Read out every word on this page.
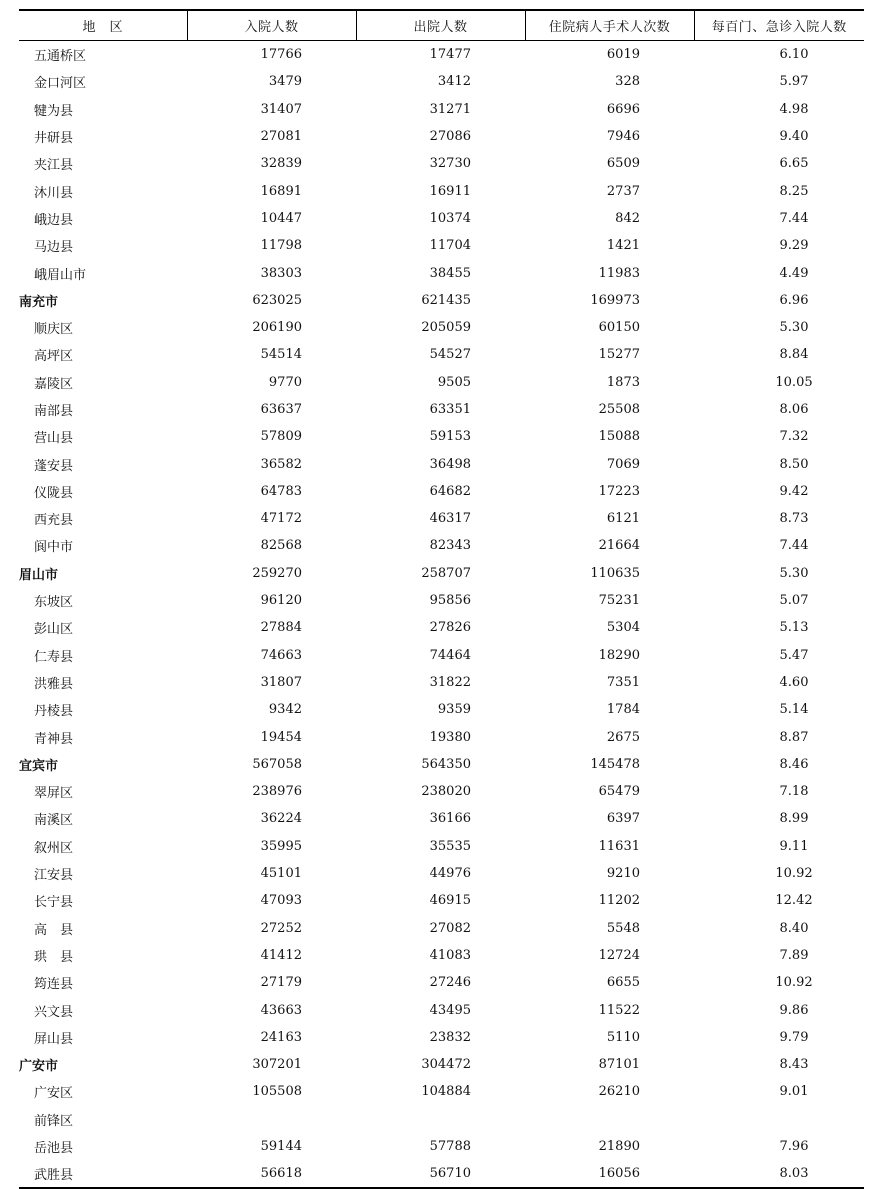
地　区	入院人数	出院人数	住院病人手术人次数	每百门、急诊入院人数
五通桥区	17766	17477	6019	6.10
金口河区	3479	3412	328	5.97
犍为县	31407	31271	6696	4.98
井研县	27081	27086	7946	9.40
夹江县	32839	32730	6509	6.65
沐川县	16891	16911	2737	8.25
峨边县	10447	10374	842	7.44
马边县	11798	11704	1421	9.29
峨眉山市	38303	38455	11983	4.49
南充市	623025	621435	169973	6.96
顺庆区	206190	205059	60150	5.30
高坪区	54514	54527	15277	8.84
嘉陵区	9770	9505	1873	10.05
南部县	63637	63351	25508	8.06
营山县	57809	59153	15088	7.32
蓬安县	36582	36498	7069	8.50
仪陇县	64783	64682	17223	9.42
西充县	47172	46317	6121	8.73
阆中市	82568	82343	21664	7.44
眉山市	259270	258707	110635	5.30
东坡区	96120	95856	75231	5.07
彭山区	27884	27826	5304	5.13
仁寿县	74663	74464	18290	5.47
洪雅县	31807	31822	7351	4.60
丹棱县	9342	9359	1784	5.14
青神县	19454	19380	2675	8.87
宜宾市	567058	564350	145478	8.46
翠屏区	238976	238020	65479	7.18
南溪区	36224	36166	6397	8.99
叙州区	35995	35535	11631	9.11
江安县	45101	44976	9210	10.92
长宁县	47093	46915	11202	12.42
高　县	27252	27082	5548	8.40
珙　县	41412	41083	12724	7.89
筠连县	27179	27246	6655	10.92
兴文县	43663	43495	11522	9.86
屏山县	24163	23832	5110	9.79
广安市	307201	304472	87101	8.43
广安区	105508	104884	26210	9.01
前锋区				
岳池县	59144	57788	21890	7.96
武胜县	56618	56710	16056	8.03
